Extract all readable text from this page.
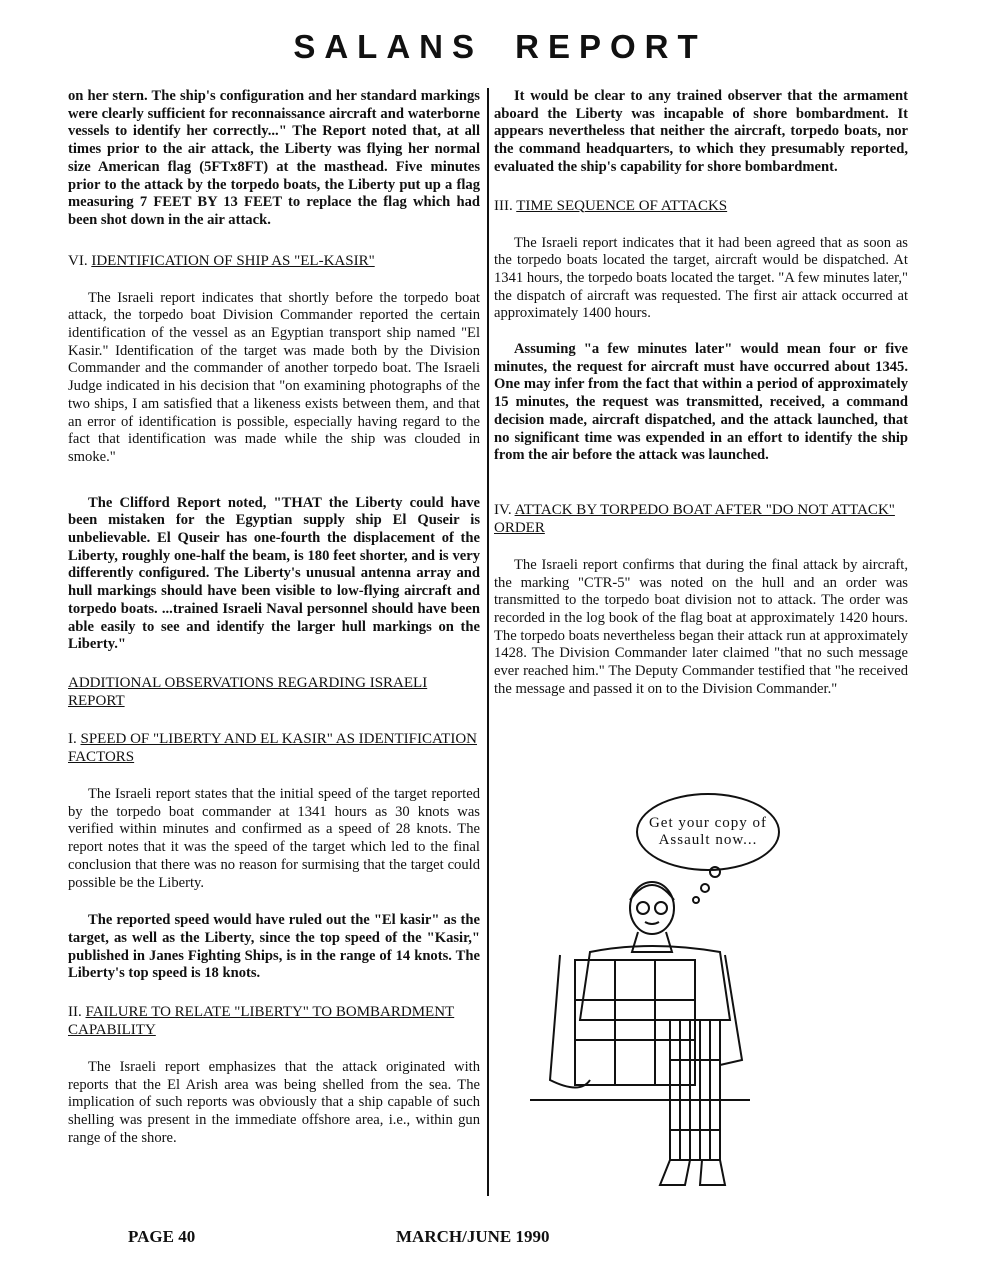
SALANS REPORT

on her stern. The ship's configuration and her standard markings were clearly sufficient for reconnaissance aircraft and waterborne vessels to identify her correctly..." The Report noted that, at all times prior to the air attack, the Liberty was flying her normal size American flag (5FTx8FT) at the masthead. Five minutes prior to the attack by the torpedo boats, the Liberty put up a flag measuring 7 FEET BY 13 FEET to replace the flag which had been shot down in the air attack.

VI. IDENTIFICATION OF SHIP AS "EL-KASIR"

The Israeli report indicates that shortly before the torpedo boat attack, the torpedo boat Division Commander reported the certain identification of the vessel as an Egyptian transport ship named "El Kasir." Identification of the target was made both by the Division Commander and the commander of another torpedo boat. The Israeli Judge indicated in his decision that "on examining photographs of the two ships, I am satisfied that a likeness exists between them, and that an error of identification is possible, especially having regard to the fact that identification was made while the ship was clouded in smoke."

The Clifford Report noted, "THAT the Liberty could have been mistaken for the Egyptian supply ship El Quseir is unbelievable. El Quseir has one-fourth the displacement of the Liberty, roughly one-half the beam, is 180 feet shorter, and is very differently configured. The Liberty's unusual antenna array and hull markings should have been visible to low-flying aircraft and torpedo boats. ...trained Israeli Naval personnel should have been able easily to see and identify the larger hull markings on the Liberty."

ADDITIONAL OBSERVATIONS REGARDING ISRAELI REPORT
I. SPEED OF "LIBERTY AND EL KASIR" AS IDENTIFICATION FACTORS

The Israeli report states that the initial speed of the target reported by the torpedo boat commander at 1341 hours as 30 knots was verified within minutes and confirmed as a speed of 28 knots. The report notes that it was the speed of the target which led to the final conclusion that there was no reason for surmising that the target could possible be the Liberty.

The reported speed would have ruled out the "El kasir" as the target, as well as the Liberty, since the top speed of the "Kasir," published in Janes Fighting Ships, is in the range of 14 knots. The Liberty's top speed is 18 knots.

II. FAILURE TO RELATE "LIBERTY" TO BOMBARDMENT CAPABILITY

The Israeli report emphasizes that the attack originated with reports that the El Arish area was being shelled from the sea. The implication of such reports was obviously that a ship capable of such shelling was present in the immediate offshore area, i.e., within gun range of the shore.

It would be clear to any trained observer that the armament aboard the Liberty was incapable of shore bombardment. It appears nevertheless that neither the aircraft, torpedo boats, nor the command headquarters, to which they presumably reported, evaluated the ship's capability for shore bombardment.

III. TIME SEQUENCE OF ATTACKS

The Israeli report indicates that it had been agreed that as soon as the torpedo boats located the target, aircraft would be dispatched. At 1341 hours, the torpedo boats located the target. "A few minutes later," the dispatch of aircraft was requested. The first air attack occurred at approximately 1400 hours.

Assuming "a few minutes later" would mean four or five minutes, the request for aircraft must have occurred about 1345. One may infer from the fact that within a period of approximately 15 minutes, the request was transmitted, received, a command decision made, aircraft dispatched, and the attack launched, that no significant time was expended in an effort to identify the ship from the air before the attack was launched.

IV. ATTACK BY TORPEDO BOAT AFTER "DO NOT ATTACK" ORDER

The Israeli report confirms that during the final attack by aircraft, the marking "CTR-5" was noted on the hull and an order was transmitted to the torpedo boat division not to attack. The order was recorded in the log book of the flag boat at approximately 1420 hours. The torpedo boats nevertheless began their attack run at approximately 1428. The Division Commander later claimed "that no such message ever reached him." The Deputy Commander testified that "he received the message and passed it on to the Division Commander."

Get your copy of Assault now...
PAGE 40	MARCH/JUNE 1990
